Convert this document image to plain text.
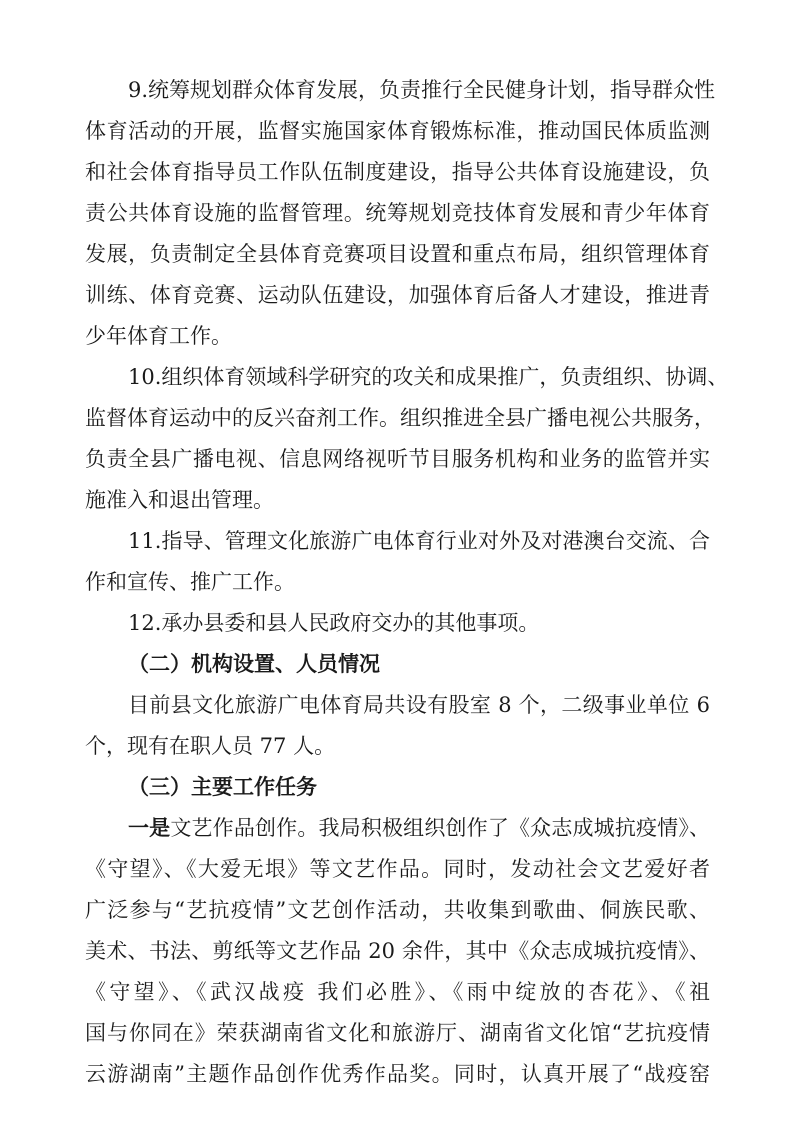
9.统筹规划群众体育发展，负责推行全民健身计划，指导群众性
体育活动的开展，监督实施国家体育锻炼标准，推动国民体质监测
和社会体育指导员工作队伍制度建设，指导公共体育设施建设，负
责公共体育设施的监督管理。统筹规划竞技体育发展和青少年体育
发展，负责制定全县体育竞赛项目设置和重点布局，组织管理体育
训练、体育竞赛、运动队伍建设，加强体育后备人才建设，推进青
少年体育工作。
10.组织体育领域科学研究的攻关和成果推广，负责组织、协调、
监督体育运动中的反兴奋剂工作。组织推进全县广播电视公共服务，
负责全县广播电视、信息网络视听节目服务机构和业务的监管并实
施准入和退出管理。
11.指导、管理文化旅游广电体育行业对外及对港澳台交流、合
作和宣传、推广工作。
12.承办县委和县人民政府交办的其他事项。
（二）机构设置、人员情况
目前县文化旅游广电体育局共设有股室 8 个，二级事业单位 6
个，现有在职人员 77 人。
（三）主要工作任务
一是文艺作品创作。我局积极组织创作了《众志成城抗疫情》、
《守望》、《大爱无垠》等文艺作品。同时，发动社会文艺爱好者
广泛参与“艺抗疫情”文艺创作活动，共收集到歌曲、侗族民歌、
美术、书法、剪纸等文艺作品 20 余件，其中《众志成城抗疫情》、
《守望》、《武汉战疫 我们必胜》、《雨中绽放的杏花》、《祖
国与你同在》荣获湖南省文化和旅游厅、湖南省文化馆“艺抗疫情
云游湖南”主题作品创作优秀作品奖。同时，认真开展了“战疫窑
